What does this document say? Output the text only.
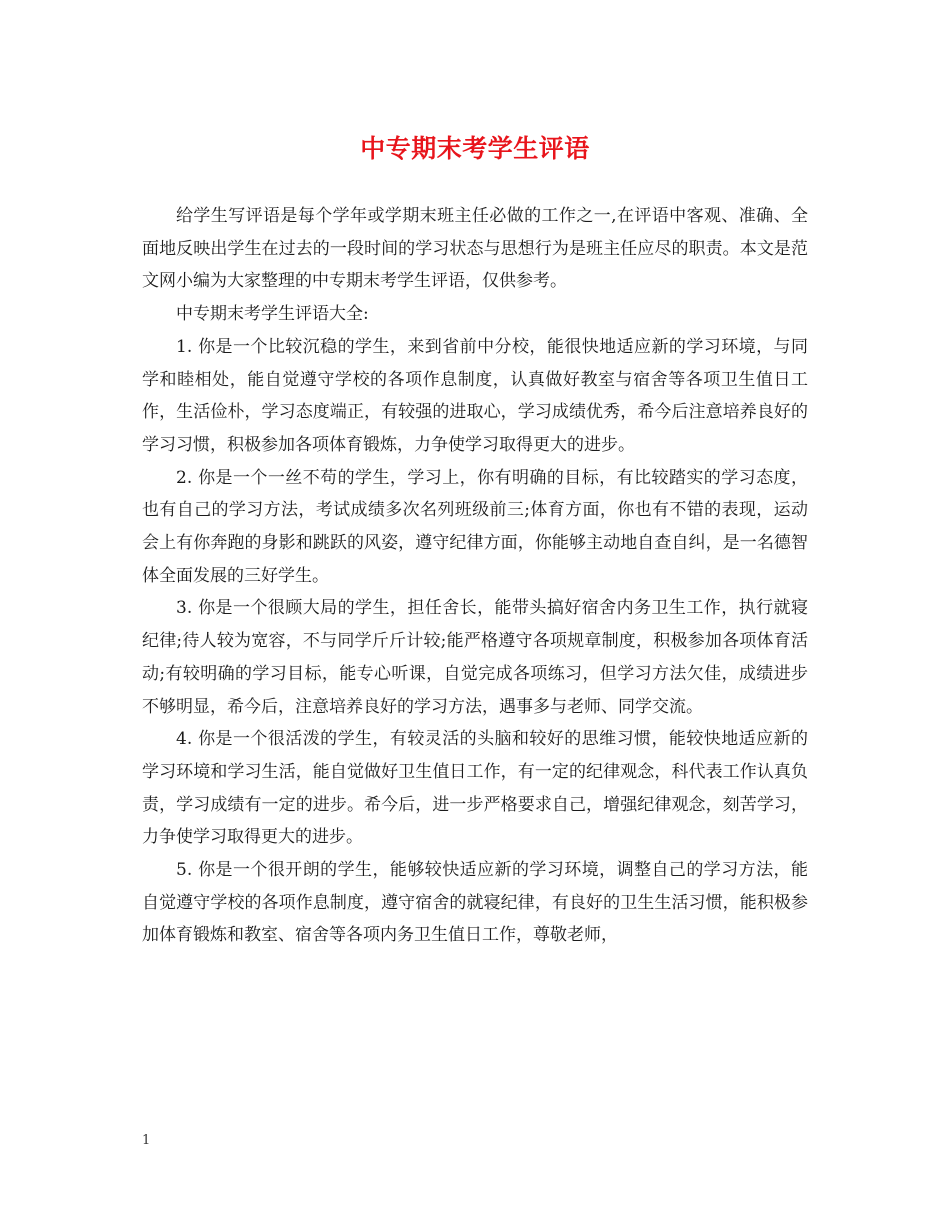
中专期末考学生评语

给学生写评语是每个学年或学期末班主任必做的工作之一,在评语中客观、准确、全面地反映出学生在过去的一段时间的学习状态与思想行为是班主任应尽的职责。本文是范文网小编为大家整理的中专期末考学生评语，仅供参考。

中专期末考学生评语大全:

1. 你是一个比较沉稳的学生，来到省前中分校，能很快地适应新的学习环境，与同学和睦相处，能自觉遵守学校的各项作息制度，认真做好教室与宿舍等各项卫生值日工作，生活俭朴，学习态度端正，有较强的进取心，学习成绩优秀，希今后注意培养良好的学习习惯，积极参加各项体育锻炼，力争使学习取得更大的进步。

2. 你是一个一丝不苟的学生，学习上，你有明确的目标，有比较踏实的学习态度，也有自己的学习方法，考试成绩多次名列班级前三;体育方面，你也有不错的表现，运动会上有你奔跑的身影和跳跃的风姿，遵守纪律方面，你能够主动地自查自纠，是一名德智体全面发展的三好学生。

3. 你是一个很顾大局的学生，担任舍长，能带头搞好宿舍内务卫生工作，执行就寝纪律;待人较为宽容，不与同学斤斤计较;能严格遵守各项规章制度，积极参加各项体育活动;有较明确的学习目标，能专心听课，自觉完成各项练习，但学习方法欠佳，成绩进步不够明显，希今后，注意培养良好的学习方法，遇事多与老师、同学交流。

4. 你是一个很活泼的学生，有较灵活的头脑和较好的思维习惯，能较快地适应新的学习环境和学习生活，能自觉做好卫生值日工作，有一定的纪律观念，科代表工作认真负责，学习成绩有一定的进步。希今后，进一步严格要求自己，增强纪律观念，刻苦学习，力争使学习取得更大的进步。

5. 你是一个很开朗的学生，能够较快适应新的学习环境，调整自己的学习方法，能自觉遵守学校的各项作息制度，遵守宿舍的就寝纪律，有良好的卫生生活习惯，能积极参加体育锻炼和教室、宿舍等各项内务卫生值日工作，尊敬老师，

1
